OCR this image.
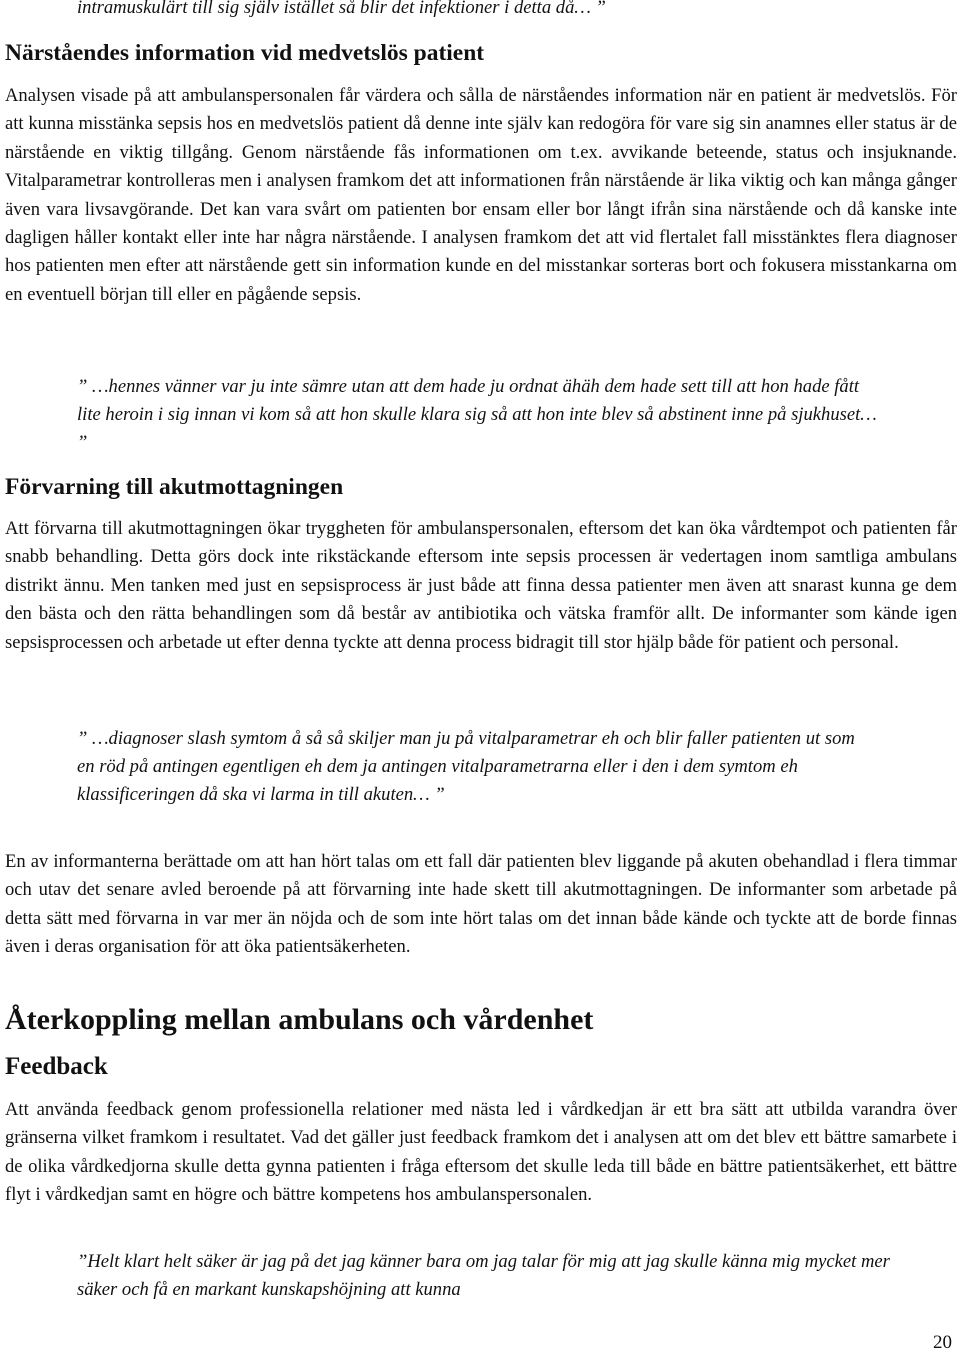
intramuskulärt till sig själv istället så blir det infektioner i detta då… ”

Närståendes information vid medvetslös patient

Analysen visade på att ambulanspersonalen får värdera och sålla de närståendes information när en patient är medvetslös. För att kunna misstänka sepsis hos en medvetslös patient då denne inte själv kan redogöra för vare sig sin anamnes eller status är de närstående en viktig tillgång. Genom närstående fås informationen om t.ex. avvikande beteende, status och insjuknande. Vitalparametrar kontrolleras men i analysen framkom det att informationen från närstående är lika viktig och kan många gånger även vara livsavgörande. Det kan vara svårt om patienten bor ensam eller bor långt ifrån sina närstående och då kanske inte dagligen håller kontakt eller inte har några närstående. I analysen framkom det att vid flertalet fall misstänktes flera diagnoser hos patienten men efter att närstående gett sin information kunde en del misstankar sorteras bort och fokusera misstankarna om en eventuell början till eller en pågående sepsis.

” …hennes vänner var ju inte sämre utan att dem hade ju ordnat ähäh dem hade sett till att hon hade fått lite heroin i sig innan vi kom så att hon skulle klara sig så att hon inte blev så abstinent inne på sjukhuset… ”

Förvarning till akutmottagningen

Att förvarna till akutmottagningen ökar tryggheten för ambulanspersonalen, eftersom det kan öka vårdtempot och patienten får snabb behandling. Detta görs dock inte rikstäckande eftersom inte sepsis processen är vedertagen inom samtliga ambulans distrikt ännu. Men tanken med just en sepsisprocess är just både att finna dessa patienter men även att snarast kunna ge dem den bästa och den rätta behandlingen som då består av antibiotika och vätska framför allt. De informanter som kände igen sepsisprocessen och arbetade ut efter denna tyckte att denna process bidragit till stor hjälp både för patient och personal.

” …diagnoser slash symtom å så så skiljer man ju på vitalparametrar eh och blir faller patienten ut som en röd på antingen egentligen eh dem ja antingen vitalparametrarna eller i den i dem symtom eh klassificeringen då ska vi larma in till akuten… ”

En av informanterna berättade om att han hört talas om ett fall där patienten blev liggande på akuten obehandlad i flera timmar och utav det senare avled beroende på att förvarning inte hade skett till akutmottagningen. De informanter som arbetade på detta sätt med förvarna in var mer än nöjda och de som inte hört talas om det innan både kände och tyckte att de borde finnas även i deras organisation för att öka patientsäkerheten.

Återkoppling mellan ambulans och vårdenhet
Feedback

Att använda feedback genom professionella relationer med nästa led i vårdkedjan är ett bra sätt att utbilda varandra över gränserna vilket framkom i resultatet. Vad det gäller just feedback framkom det i analysen att om det blev ett bättre samarbete i de olika vårdkedjorna skulle detta gynna patienten i fråga eftersom det skulle leda till både en bättre patientsäkerhet, ett bättre flyt i vårdkedjan samt en högre och bättre kompetens hos ambulanspersonalen.

”Helt klart helt säker är jag på det jag känner bara om jag talar för mig att jag skulle känna mig mycket mer säker och få en markant kunskapshöjning att kunna

20
